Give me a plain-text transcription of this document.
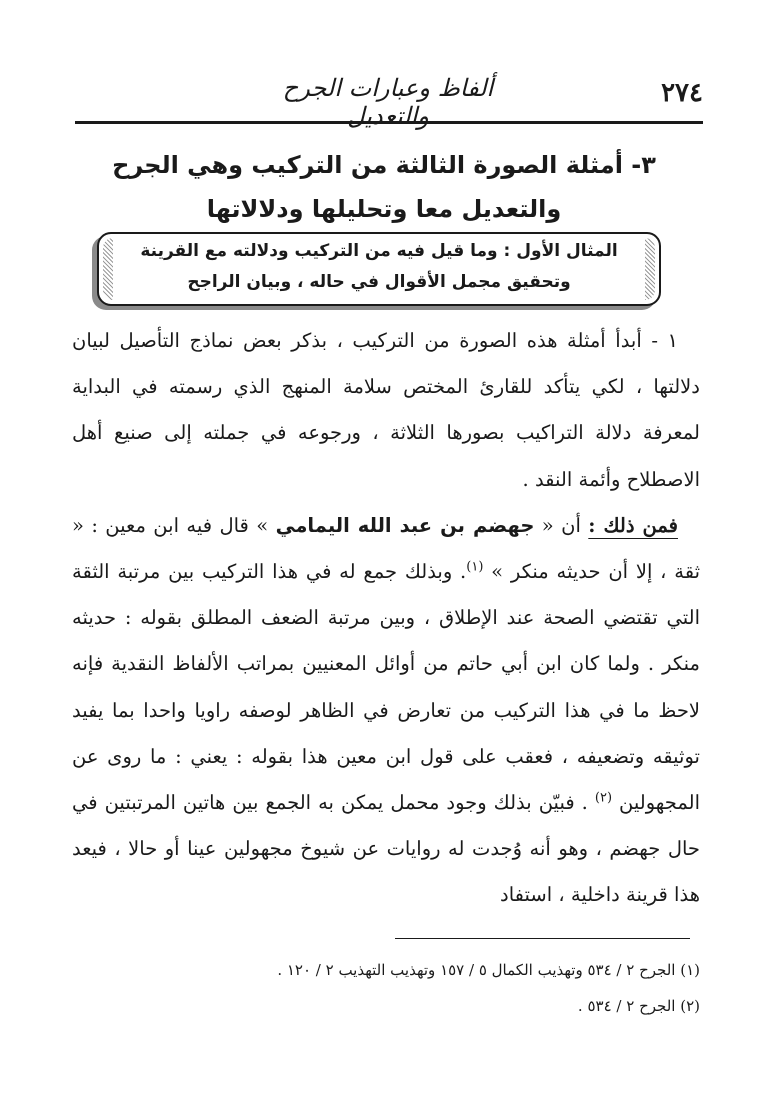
٢٧٤
ألفاظ وعبارات الجرح والتعديل
٣- أمثلة الصورة الثالثة من التركيب وهي الجرح
والتعديل معا وتحليلها ودلالاتها
المثال الأول : وما قيل فيه من التركيب ودلالته مع القرينة
وتحقيق مجمل الأقوال في حاله ، وبيان الراجح

١ - أبدأ أمثلة هذه الصورة من التركيب ، بذكر بعض نماذج التأصيل لبيان دلالتها ، لكي يتأكد للقارئ المختص سلامة المنهج الذي رسمته في البداية لمعرفة دلالة التراكيب بصورها الثلاثة ، ورجوعه في جملته إلى صنيع أهل الاصطلاح وأئمة النقد .

فمن ذلك : أن « جهضم بن عبد الله اليمامي » قال فيه ابن معين : « ثقة ، إلا أن حديثه منكر » $^{(١)}$. وبذلك جمع له في هذا التركيب بين مرتبة الثقة التي تقتضي الصحة عند الإطلاق ، وبين مرتبة الضعف المطلق بقوله : حديثه منكر . ولما كان ابن أبي حاتم من أوائل المعنيين بمراتب الألفاظ النقدية فإنه لاحظ ما في هذا التركيب من تعارض في الظاهر لوصفه راويا واحدا بما يفيد توثيقه وتضعيفه ، فعقب على قول ابن معين هذا بقوله : يعني : ما روى عن المجهولين $^{(٢)}$ . فبيّن بذلك وجود محمل يمكن به الجمع بين هاتين المرتبتين في حال جهضم ، وهو أنه وُجدت له روايات عن شيوخ مجهولين عينا أو حالا ، فيعد هذا قرينة داخلية ، استفاد

(١) الجرح ٢ / ٥٣٤ وتهذيب الكمال ٥ / ١٥٧ وتهذيب التهذيب ٢ / ١٢٠ .
(٢) الجرح ٢ / ٥٣٤ .
